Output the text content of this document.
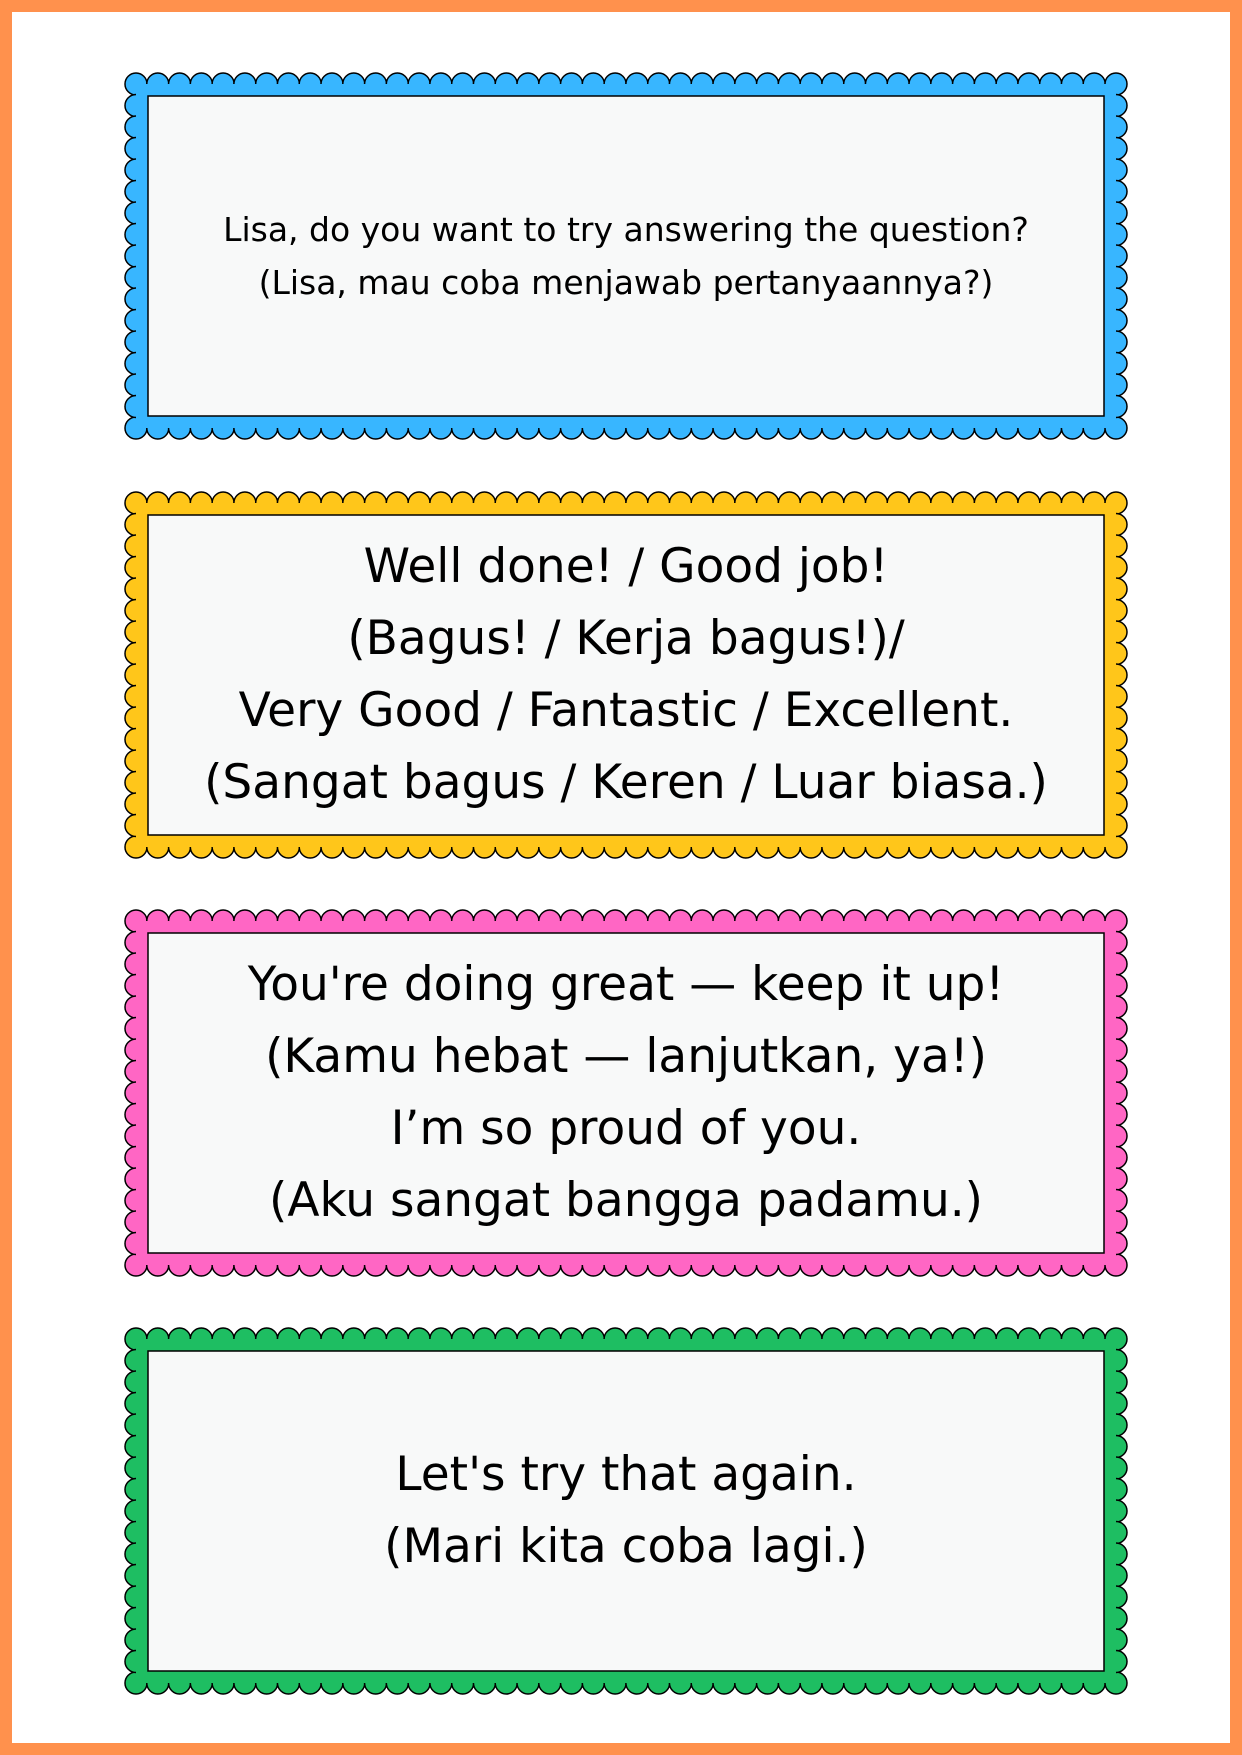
Lisa, do you want to try answering the question?
(Lisa, mau coba menjawab pertanyaannya?)
Well done! / Good job!
(Bagus! / Kerja bagus!)/
Very Good / Fantastic / Excellent.
(Sangat bagus / Keren / Luar biasa.)
You're doing great — keep it up!
(Kamu hebat — lanjutkan, ya!)
I’m so proud of you.
(Aku sangat bangga padamu.)
Let's try that again.
(Mari kita coba lagi.)
